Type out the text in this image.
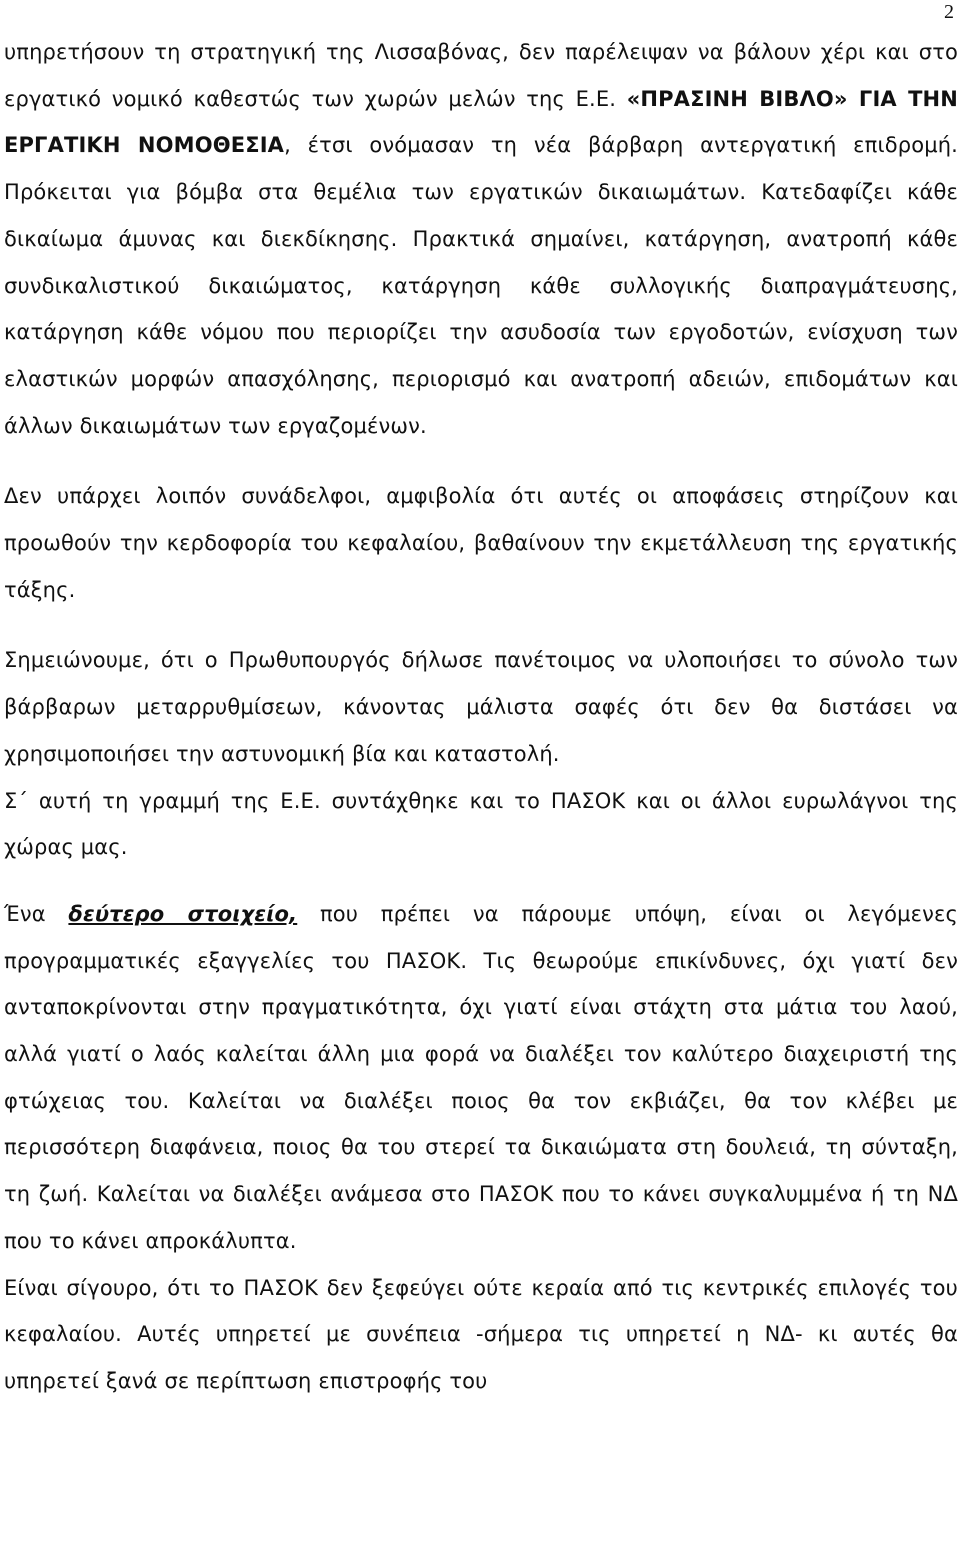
2

υπηρετήσουν τη στρατηγική της Λισσαβόνας, δεν παρέλειψαν να βάλουν χέρι και στο εργατικό νομικό καθεστώς των χωρών μελών της Ε.Ε. «ΠΡΑΣΙΝΗ ΒΙΒΛΟ» ΓΙΑ ΤΗΝ ΕΡΓΑΤΙΚΗ ΝΟΜΟΘΕΣΙΑ, έτσι ονόμασαν τη νέα βάρβαρη αντεργατική επιδρομή. Πρόκειται για βόμβα στα θεμέλια των εργατικών δικαιωμάτων. Κατεδαφίζει κάθε δικαίωμα άμυνας και διεκδίκησης. Πρακτικά σημαίνει, κατάργηση, ανατροπή κάθε συνδικαλιστικού δικαιώματος, κατάργηση κάθε συλλογικής διαπραγμάτευσης, κατάργηση κάθε νόμου που περιορίζει την ασυδοσία των εργοδοτών, ενίσχυση των ελαστικών μορφών απασχόλησης, περιορισμό και ανατροπή αδειών, επιδομάτων και άλλων δικαιωμάτων των εργαζομένων.

Δεν υπάρχει λοιπόν συνάδελφοι, αμφιβολία ότι αυτές οι αποφάσεις στηρίζουν και προωθούν την κερδοφορία του κεφαλαίου, βαθαίνουν την εκμετάλλευση της εργατικής τάξης.

Σημειώνουμε, ότι ο Πρωθυπουργός δήλωσε πανέτοιμος να υλοποιήσει το σύνολο των βάρβαρων μεταρρυθμίσεων, κάνοντας μάλιστα σαφές ότι δεν θα διστάσει να χρησιμοποιήσει την αστυνομική βία και καταστολή.

Σ΄ αυτή τη γραμμή της Ε.Ε. συντάχθηκε και το ΠΑΣΟΚ και οι άλλοι ευρωλάγνοι της χώρας μας.

Ένα δεύτερο στοιχείο, που πρέπει να πάρουμε υπόψη, είναι οι λεγόμενες προγραμματικές εξαγγελίες του ΠΑΣΟΚ. Τις θεωρούμε επικίνδυνες, όχι γιατί δεν ανταποκρίνονται στην πραγματικότητα, όχι γιατί είναι στάχτη στα μάτια του λαού, αλλά γιατί ο λαός καλείται άλλη μια φορά να διαλέξει τον καλύτερο διαχειριστή της φτώχειας του. Καλείται να διαλέξει ποιος θα τον εκβιάζει, θα τον κλέβει με περισσότερη διαφάνεια, ποιος θα του στερεί τα δικαιώματα στη δουλειά, τη σύνταξη, τη ζωή. Καλείται να διαλέξει ανάμεσα στο ΠΑΣΟΚ που το κάνει συγκαλυμμένα ή τη ΝΔ που το κάνει απροκάλυπτα.

Είναι σίγουρο, ότι το ΠΑΣΟΚ δεν ξεφεύγει ούτε κεραία από τις κεντρικές επιλογές του κεφαλαίου. Αυτές υπηρετεί με συνέπεια -σήμερα τις υπηρετεί η ΝΔ- κι αυτές θα υπηρετεί ξανά σε περίπτωση επιστροφής του
